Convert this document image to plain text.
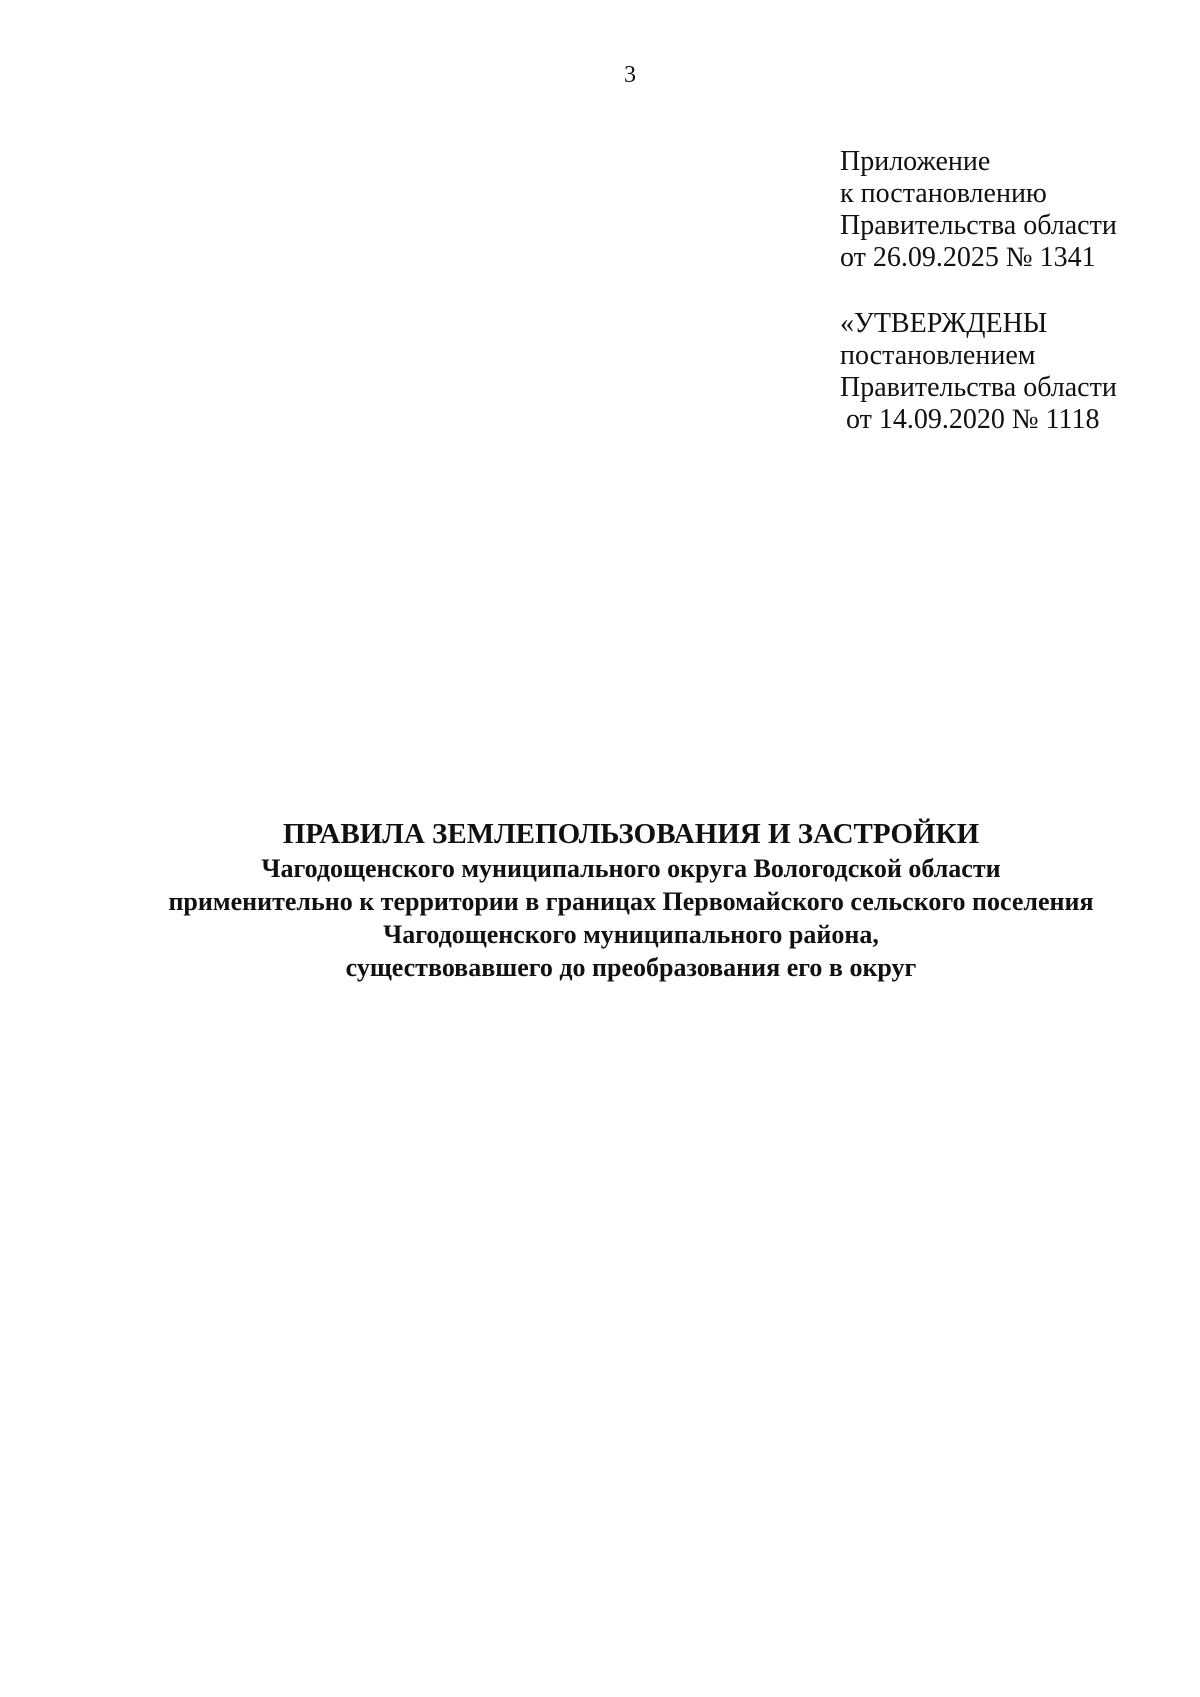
3
Приложение
к постановлению
Правительства области
от 26.09.2025 № 1341
«УТВЕРЖДЕНЫ
постановлением
Правительства области
от 14.09.2020 № 1118
ПРАВИЛА ЗЕМЛЕПОЛЬЗОВАНИЯ И ЗАСТРОЙКИ
Чагодощенского муниципального округа Вологодской области
применительно к территории в границах Первомайского сельского поселения
Чагодощенского муниципального района,
существовавшего до преобразования его в округ
